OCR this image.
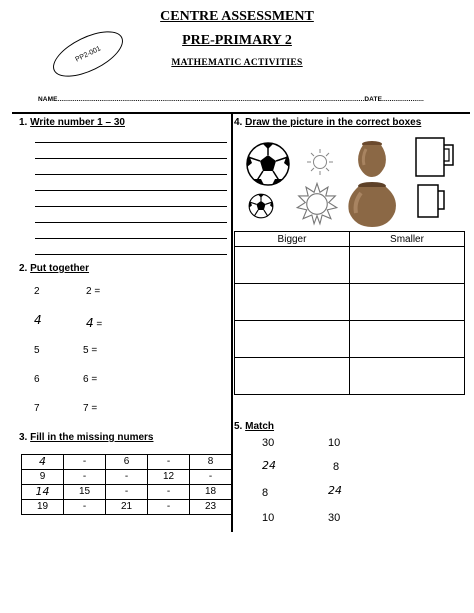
CENTRE ASSESSMENT
PRE-PRIMARY 2
MATHEMATIC ACTIVITIES
PP2-001
NAME.................................................................................................................................................................DATE......................
1. Write number 1 – 30
2. Put together
2	2 =
4	4 =
5	5 =
6	6 =
7	7 =
3. Fill in the missing numers
4	-	6	-	8
9	-	-	12	-
14	15	-	-	18
19	-	21	-	23
4. Draw the picture in the correct boxes
Bigger	Smaller

5. Match
30
24
8
10
10
8
24
30
